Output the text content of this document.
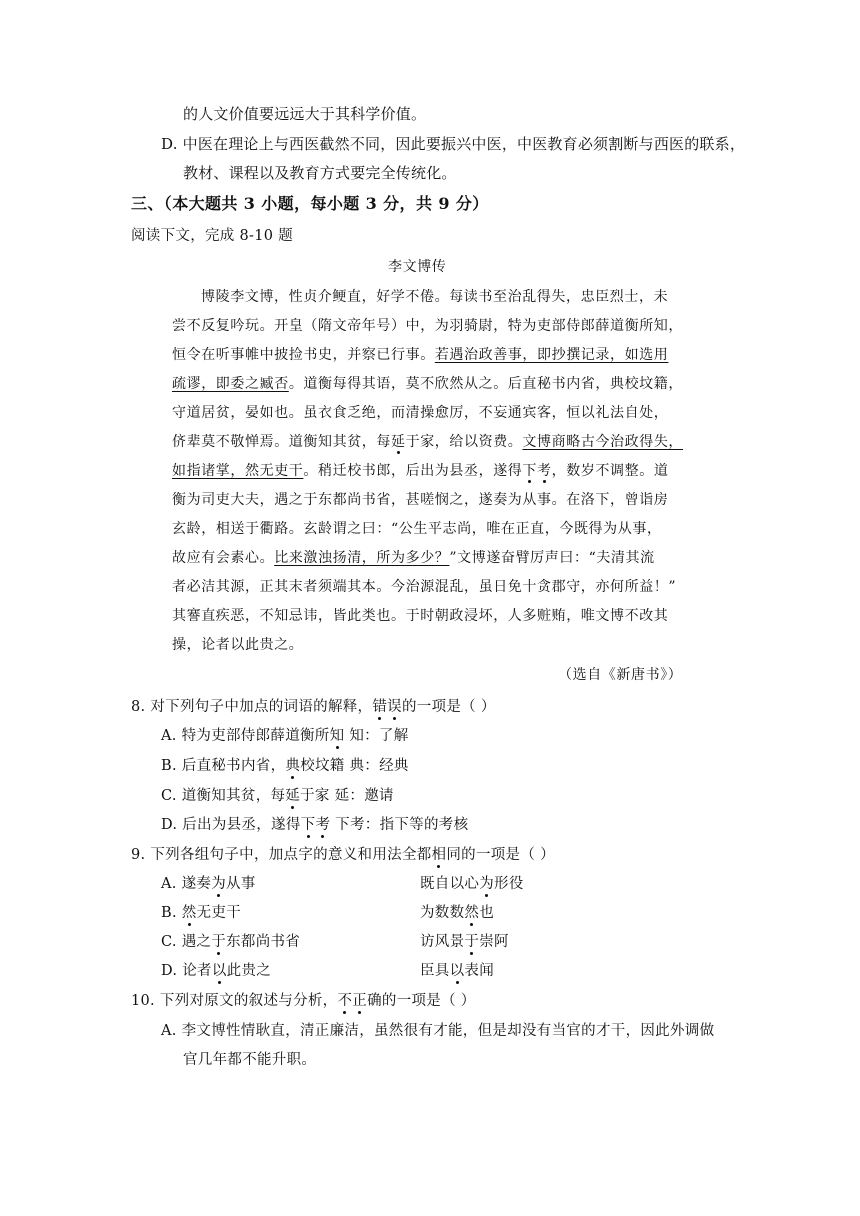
的人文价值要远远大于其科学价值。
D. 中医在理论上与西医截然不同，因此要振兴中医，中医教育必须割断与西医的联系，
教材、课程以及教育方式要完全传统化。
三、（本大题共 3 小题，每小题 3 分，共 9 分）
阅读下文，完成 8-10 题
李文博传
博陵李文博，性贞介鲠直，好学不倦。每读书至治乱得失，忠臣烈士，未
尝不反复吟玩。开皇（隋文帝年号）中，为羽骑尉，特为吏部侍郎薛道衡所知，
恒令在听事帷中披捡书史，并察已行事。若遇治政善事，即抄撰记录，如选用
疏谬，即委之臧否。道衡每得其语，莫不欣然从之。后直秘书内省，典校坟籍，
守道居贫，晏如也。虽衣食乏绝，而清操愈厉，不妄通宾客，恒以礼法自处，
侪辈莫不敬惮焉。道衡知其贫，每延于家，给以资费。文博商略古今治政得失，
如指诸掌，然无吏干。稍迁校书郎，后出为县丞，遂得下考，数岁不调整。道
衡为司吏大夫，遇之于东都尚书省，甚嗟悯之，遂奏为从事。在洛下，曾诣房
玄龄，相送于衢路。玄龄谓之曰：“公生平志尚，唯在正直，今既得为从事，
故应有会素心。比来激浊扬清，所为多少？”文博遂奋臂厉声曰：“夫清其流
者必洁其源，正其末者须端其本。今治源混乱，虽日免十贪郡守，亦何所益！”
其謇直疾恶，不知忌讳，皆此类也。于时朝政浸坏，人多赃贿，唯文博不改其
操，论者以此贵之。
（选自《新唐书》）
8. 对下列句子中加点的词语的解释，错误的一项是（ ）
A. 特为吏部侍郎薛道衡所知 知：了解
B. 后直秘书内省，典校坟籍 典：经典
C. 道衡知其贫，每延于家 延：邀请
D. 后出为县丞，遂得下考 下考：指下等的考核
9. 下列各组句子中，加点字的意义和用法全都相同的一项是（ ）
A. 遂奏为从事	既自以心为形役
B. 然无吏干	为数数然也
C. 遇之于东都尚书省	访风景于崇阿
D. 论者以此贵之	臣具以表闻
10. 下列对原文的叙述与分析，不正确的一项是（ ）
A. 李文博性情耿直，清正廉洁，虽然很有才能，但是却没有当官的才干，因此外调做
官几年都不能升职。
